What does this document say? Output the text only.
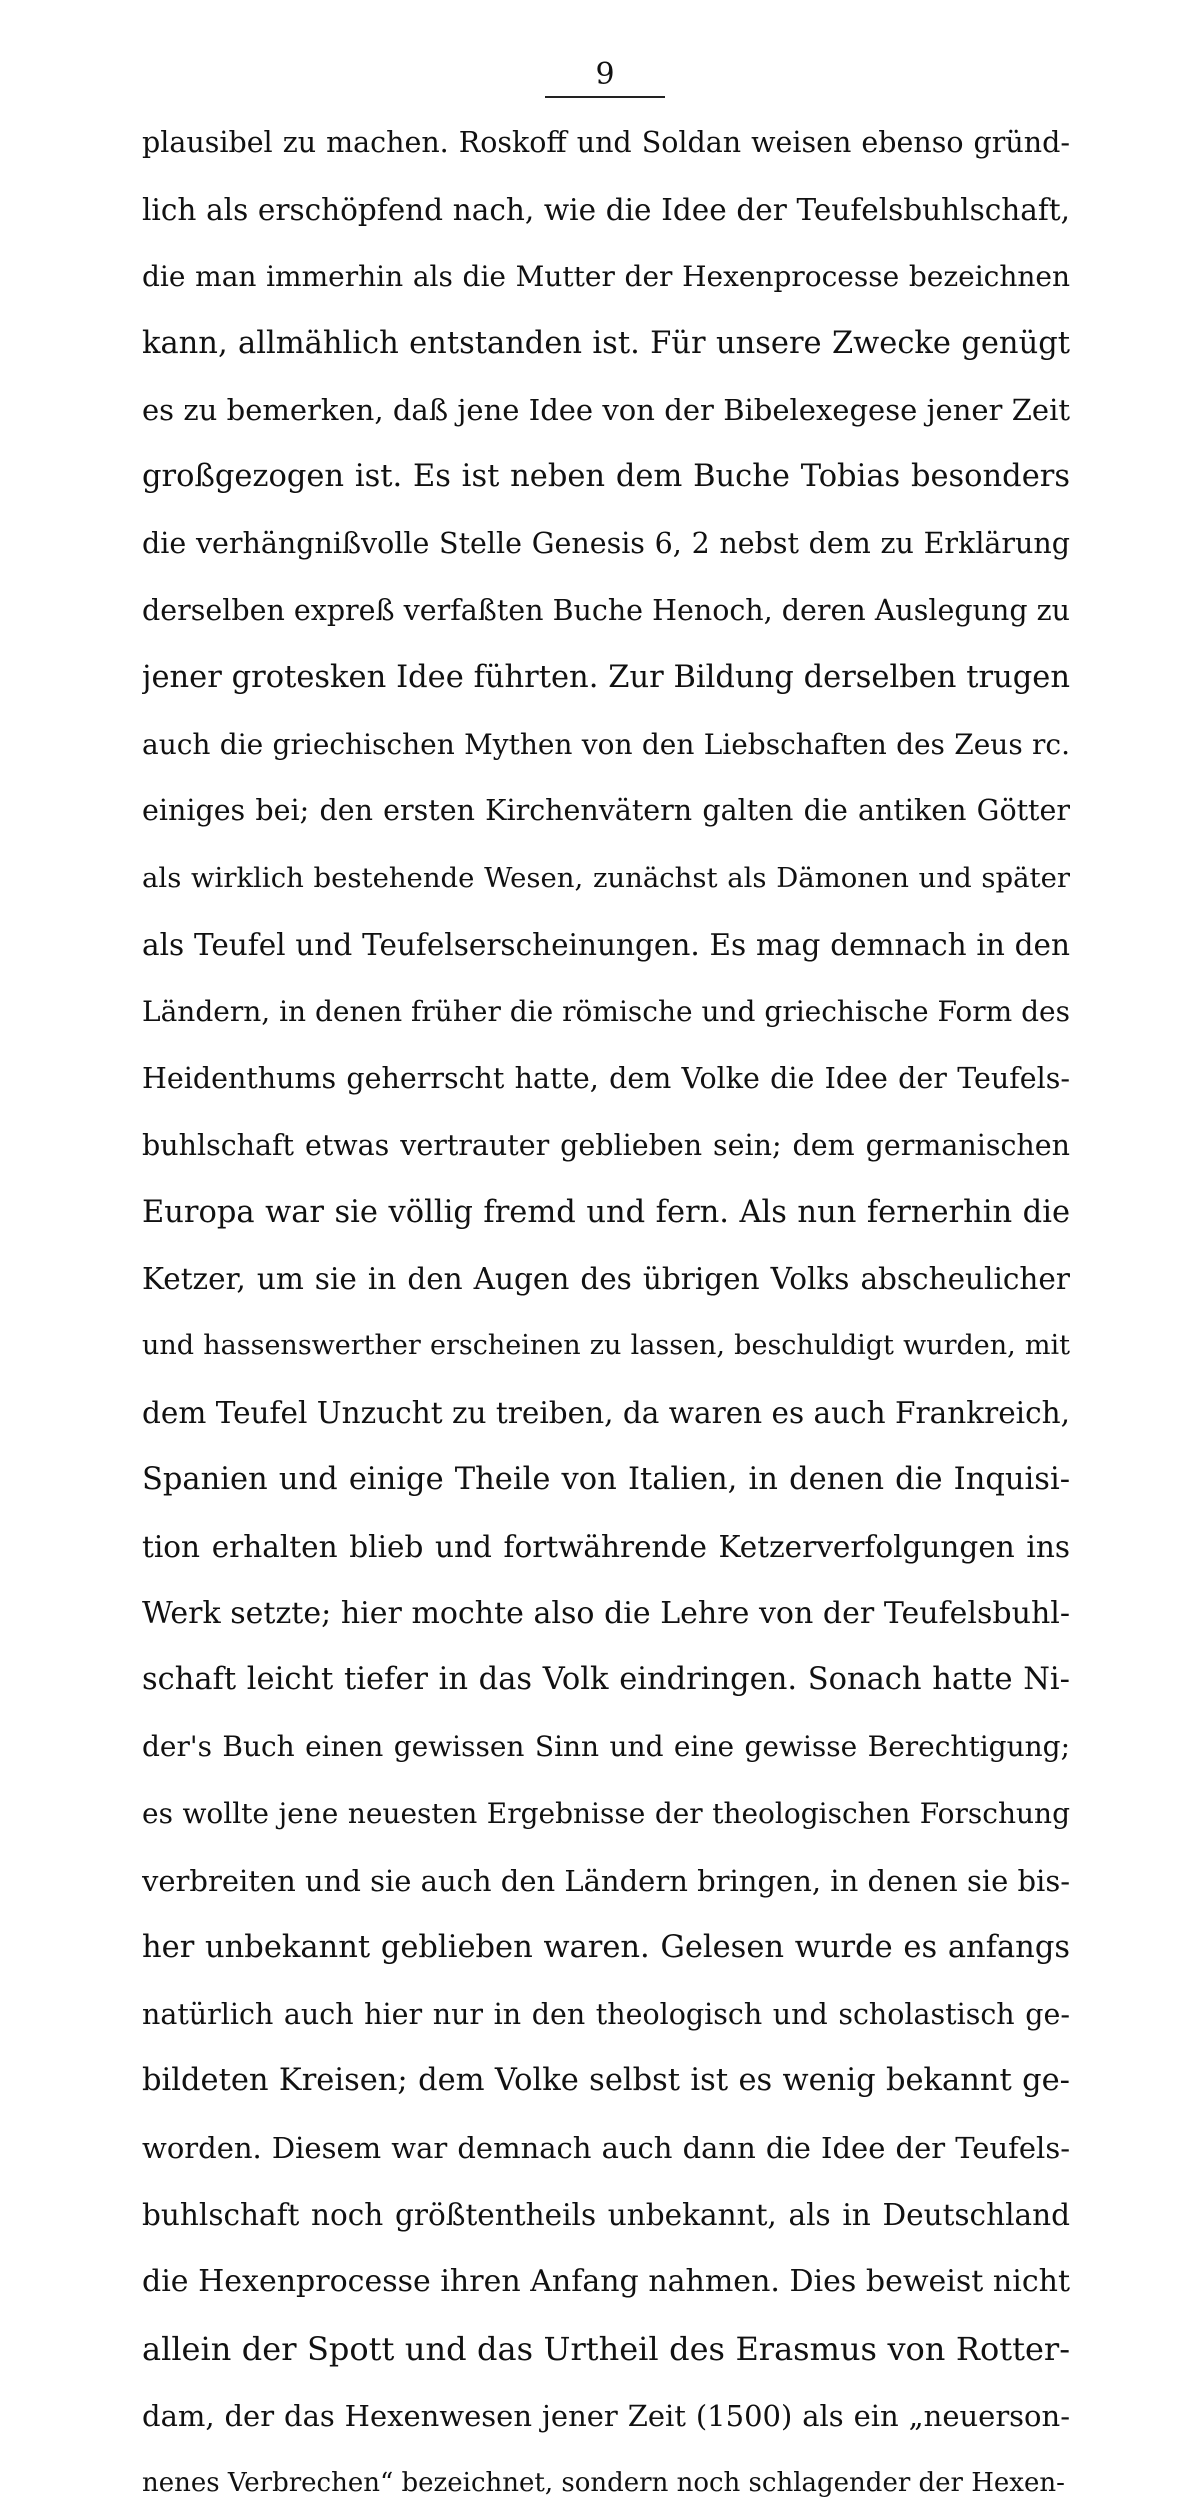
9
plausibel zu machen. Roskoff und Soldan weisen ebenso gründ-
lich als erschöpfend nach, wie die Idee der Teufelsbuhlschaft,
die man immerhin als die Mutter der Hexenprocesse bezeichnen
kann, allmählich entstanden ist. Für unsere Zwecke genügt
es zu bemerken, daß jene Idee von der Bibelexegese jener Zeit
großgezogen ist. Es ist neben dem Buche Tobias besonders
die verhängnißvolle Stelle Genesis 6, 2 nebst dem zu Erklärung
derselben expreß verfaßten Buche Henoch, deren Auslegung zu
jener grotesken Idee führten. Zur Bildung derselben trugen
auch die griechischen Mythen von den Liebschaften des Zeus rc.
einiges bei; den ersten Kirchenvätern galten die antiken Götter
als wirklich bestehende Wesen, zunächst als Dämonen und später
als Teufel und Teufelserscheinungen. Es mag demnach in den
Ländern, in denen früher die römische und griechische Form des
Heidenthums geherrscht hatte, dem Volke die Idee der Teufels-
buhlschaft etwas vertrauter geblieben sein; dem germanischen
Europa war sie völlig fremd und fern. Als nun fernerhin die
Ketzer, um sie in den Augen des übrigen Volks abscheulicher
und hassenswerther erscheinen zu lassen, beschuldigt wurden, mit
dem Teufel Unzucht zu treiben, da waren es auch Frankreich,
Spanien und einige Theile von Italien, in denen die Inquisi-
tion erhalten blieb und fortwährende Ketzerverfolgungen ins
Werk setzte; hier mochte also die Lehre von der Teufelsbuhl-
schaft leicht tiefer in das Volk eindringen. Sonach hatte Ni-
der's Buch einen gewissen Sinn und eine gewisse Berechtigung;
es wollte jene neuesten Ergebnisse der theologischen Forschung
verbreiten und sie auch den Ländern bringen, in denen sie bis-
her unbekannt geblieben waren. Gelesen wurde es anfangs
natürlich auch hier nur in den theologisch und scholastisch ge-
bildeten Kreisen; dem Volke selbst ist es wenig bekannt ge-
worden. Diesem war demnach auch dann die Idee der Teufels-
buhlschaft noch größtentheils unbekannt, als in Deutschland
die Hexenprocesse ihren Anfang nahmen. Dies beweist nicht
allein der Spott und das Urtheil des Erasmus von Rotter-
dam, der das Hexenwesen jener Zeit (1500) als ein „neuerson-
nenes Verbrechen“ bezeichnet, sondern noch schlagender der Hexen-
